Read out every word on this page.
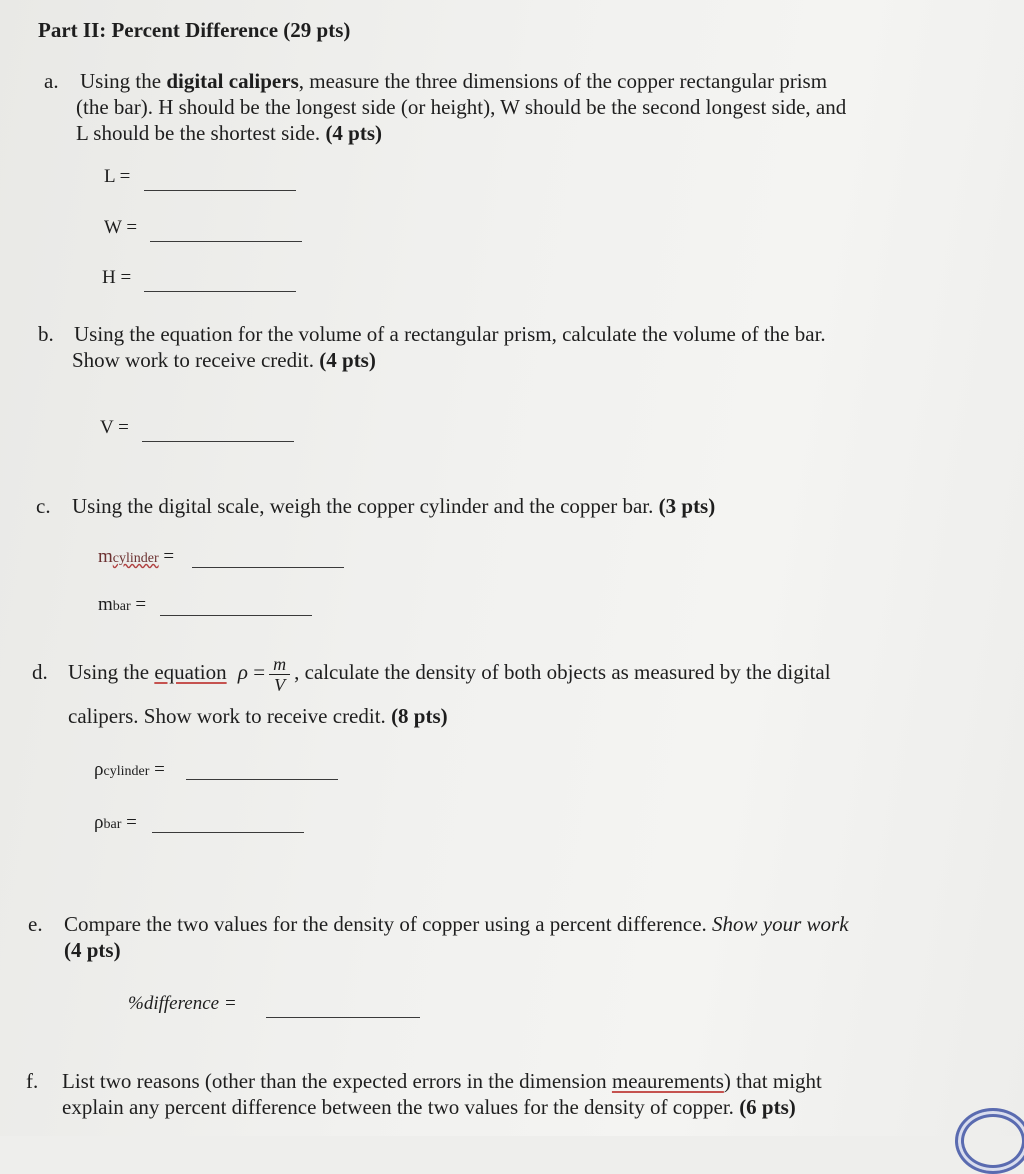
Part II: Percent Difference (29 pts)
a. Using the digital calipers, measure the three dimensions of the copper rectangular prism
(the bar). H should be the longest side (or height), W should be the second longest side, and
L should be the shortest side. (4 pts)
L =
W =
H =
b. Using the equation for the volume of a rectangular prism, calculate the volume of the bar.
Show work to receive credit. (4 pts)
V =
c. Using the digital scale, weigh the copper cylinder and the copper bar. (3 pts)
mcylinder =
mbar =
d. Using the equation $\rho = \frac{m}{V}$ , calculate the density of both objects as measured by the digital
calipers. Show work to receive credit. (8 pts)
ρcylinder =
ρbar =
e. Compare the two values for the density of copper using a percent difference. Show your work
(4 pts)
%difference =
f. List two reasons (other than the expected errors in the dimension meaurements) that might
explain any percent difference between the two values for the density of copper. (6 pts)
